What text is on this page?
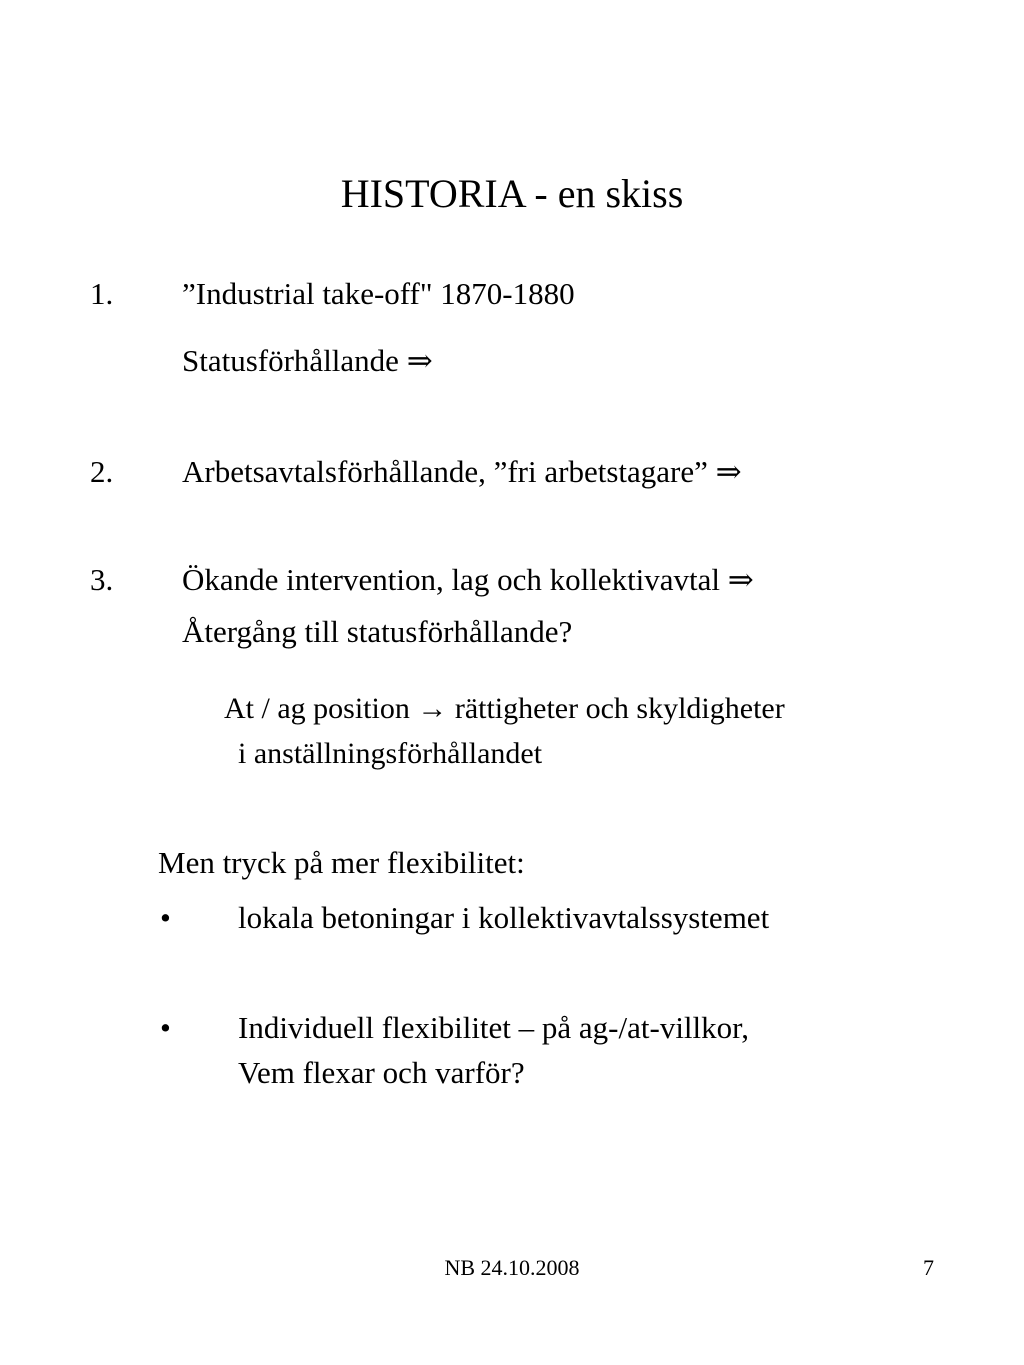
HISTORIA - en skiss
1. ”Industrial take-off" 1870-1880
Statusförhållande ⇒
2. Arbetsavtalsförhållande, ”fri arbetstagare” ⇒
3. Ökande intervention, lag och kollektivavtal ⇒
Återgång till statusförhållande?
At / ag position → rättigheter och skyldigheter
i anställningsförhållandet
Men tryck på mer flexibilitet:
• lokala betoningar i kollektivavtalssystemet
• Individuell flexibilitet – på ag-/at-villkor,
Vem flexar och varför?
NB 24.10.2008	7
